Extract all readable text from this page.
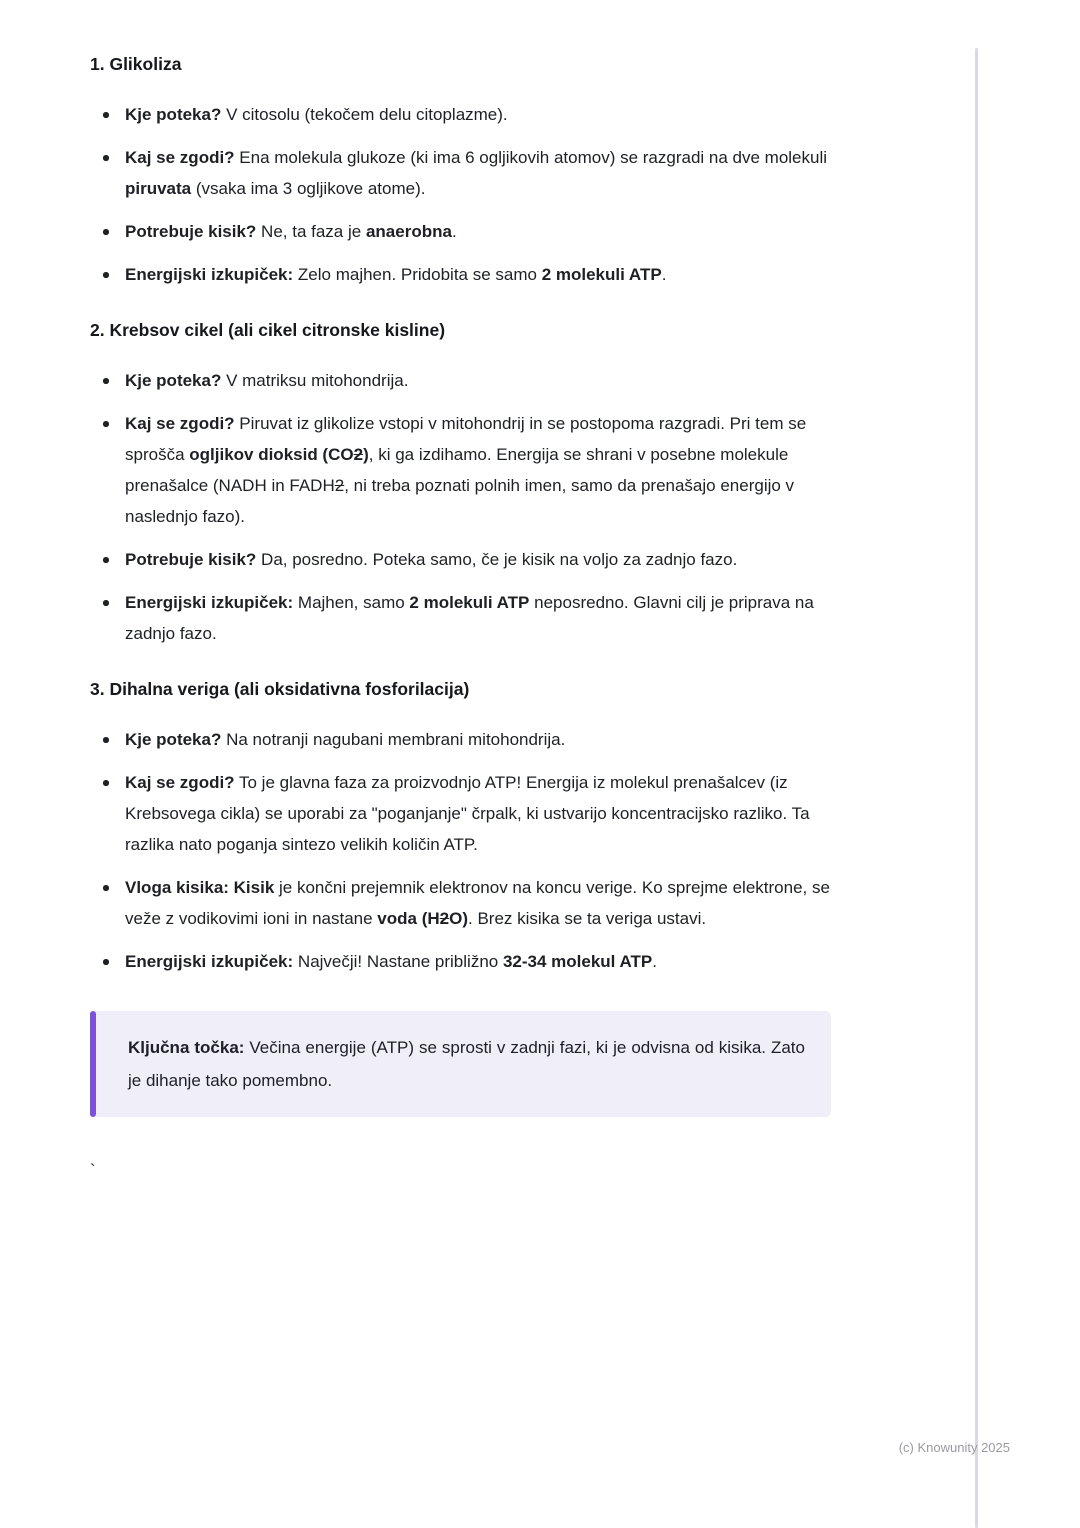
1. Glikoliza
Kje poteka? V citosolu (tekočem delu citoplazme).
Kaj se zgodi? Ena molekula glukoze (ki ima 6 ogljikovih atomov) se razgradi na dve molekuli piruvata (vsaka ima 3 ogljikove atome).
Potrebuje kisik? Ne, ta faza je anaerobna.
Energijski izkupiček: Zelo majhen. Pridobita se samo 2 molekuli ATP.
2. Krebsov cikel (ali cikel citronske kisline)
Kje poteka? V matriksu mitohondrija.
Kaj se zgodi? Piruvat iz glikolize vstopi v mitohondrij in se postopoma razgradi. Pri tem se sprošča ogljikov dioksid (CO2), ki ga izdihamo. Energija se shrani v posebne molekule prenašalce (NADH in FADH2, ni treba poznati polnih imen, samo da prenašajo energijo v naslednjo fazo).
Potrebuje kisik? Da, posredno. Poteka samo, če je kisik na voljo za zadnjo fazo.
Energijski izkupiček: Majhen, samo 2 molekuli ATP neposredno. Glavni cilj je priprava na zadnjo fazo.
3. Dihalna veriga (ali oksidativna fosforilacija)
Kje poteka? Na notranji nagubani membrani mitohondrija.
Kaj se zgodi? To je glavna faza za proizvodnjo ATP! Energija iz molekul prenašalcev (iz Krebsovega cikla) se uporabi za "poganjanje" črpalk, ki ustvarijo koncentracijsko razliko. Ta razlika nato poganja sintezo velikih količin ATP.
Vloga kisika: Kisik je končni prejemnik elektronov na koncu verige. Ko sprejme elektrone, se veže z vodikovimi ioni in nastane voda (H2O). Brez kisika se ta veriga ustavi.
Energijski izkupiček: Največji! Nastane približno 32-34 molekul ATP.
Ključna točka: Večina energije (ATP) se sprosti v zadnji fazi, ki je odvisna od kisika. Zato je dihanje tako pomembno.
`
(c) Knowunity 2025
